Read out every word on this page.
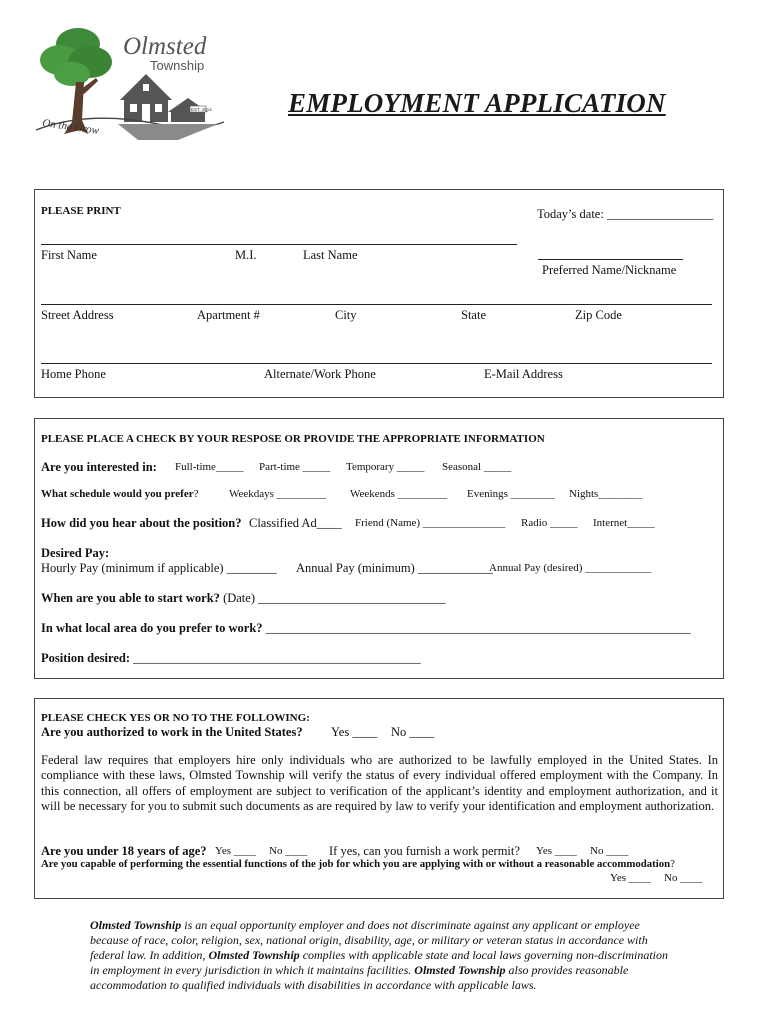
Olmsted
Township
EST. 1814
On the Grow
EMPLOYMENT APPLICATION
PLEASE PRINT	Today’s date: _________________
First Name	M.I.	Last Name
Preferred Name/Nickname
Street Address	Apartment #	City	State	Zip Code
Home Phone	Alternate/Work Phone	E-Mail Address
PLEASE PLACE A CHECK BY YOUR RESPOSE OR PROVIDE THE APPROPRIATE INFORMATION
Are you interested in: Full-time_____ Part-time _____ Temporary _____ Seasonal _____
What schedule would you prefer?	Weekdays _________ Weekends _________ Evenings ________ Nights________
How did you hear about the position? Classified Ad____ Friend (Name) _______________ Radio _____ Internet_____
Desired Pay:
Hourly Pay (minimum if applicable) ________ Annual Pay (minimum) ____________
Annual Pay (desired) ____________
When are you able to start work? (Date) ______________________________
In what local area do you prefer to work? ____________________________________________________________________
Position desired: ______________________________________________
PLEASE CHECK YES OR NO TO THE FOLLOWING:
Are you authorized to work in the United States? Yes ____ No ____
Federal law requires that employers hire only individuals who are authorized to be lawfully employed in the United States. In compliance with these laws, Olmsted Township will verify the status of every individual offered employment with the Company. In this connection, all offers of employment are subject to verification of the applicant’s identity and employment authorization, and it will be necessary for you to submit such documents as are required by law to verify your identification and employment authorization.
Are you under 18 years of age? Yes ____ No ____ If yes, can you furnish a work permit? Yes ____ No ____
Are you capable of performing the essential functions of the job for which you are applying with or without a reasonable accommodation?
Yes ____ No ____
Olmsted Township is an equal opportunity employer and does not discriminate against any applicant or employee because of race, color, religion, sex, national origin, disability, age, or military or veteran status in accordance with federal law. In addition, Olmsted Township complies with applicable state and local laws governing non-discrimination in employment in every jurisdiction in which it maintains facilities. Olmsted Township also provides reasonable accommodation to qualified individuals with disabilities in accordance with applicable laws.
